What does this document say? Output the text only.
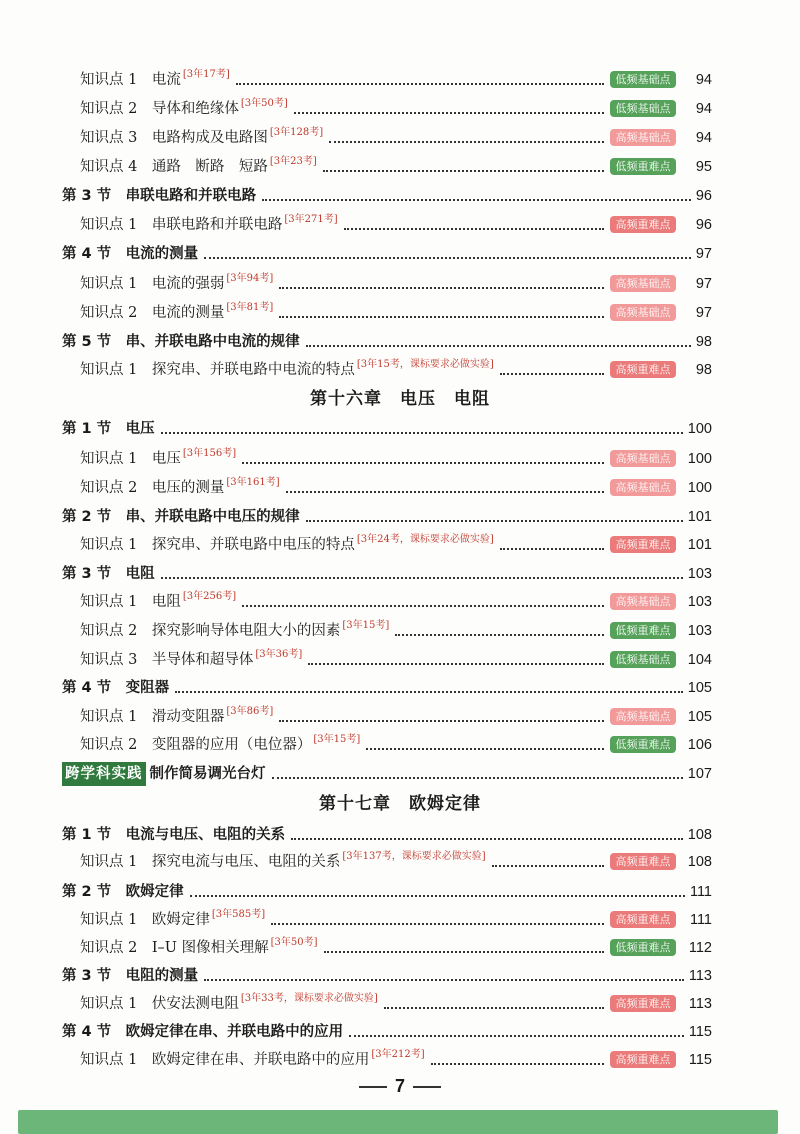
知识点 1　电流 [3年17考]	低频基础点	94
知识点 2　导体和绝缘体 [3年50考]	低频基础点	94
知识点 3　电路构成及电路图 [3年128考]	高频基础点	94
知识点 4　通路　断路　短路 [3年23考]	低频重难点	95
第 3 节　串联电路和并联电路	96
知识点 1　串联电路和并联电路 [3年271考]	高频重难点	96
第 4 节　电流的测量	97
知识点 1　电流的强弱 [3年94考]	高频基础点	97
知识点 2　电流的测量 [3年81考]	高频基础点	97
第 5 节　串、并联电路中电流的规律	98
知识点 1　探究串、并联电路中电流的特点 [3年15考，课标要求必做实验]	高频重难点	98
第十六章　电压　电阻
第 1 节　电压	100
知识点 1　电压 [3年156考]	高频基础点	100
知识点 2　电压的测量 [3年161考]	高频基础点	100
第 2 节　串、并联电路中电压的规律	101
知识点 1　探究串、并联电路中电压的特点 [3年24考，课标要求必做实验]	高频重难点	101
第 3 节　电阻	103
知识点 1　电阻 [3年256考]	高频基础点	103
知识点 2　探究影响导体电阻大小的因素 [3年15考]	低频重难点	103
知识点 3　半导体和超导体 [3年36考]	低频基础点	104
第 4 节　变阻器	105
知识点 1　滑动变阻器 [3年86考]	高频基础点	105
知识点 2　变阻器的应用（电位器） [3年15考]	低频重难点	106
跨学科实践 制作简易调光台灯	107
第十七章　欧姆定律
第 1 节　电流与电压、电阻的关系	108
知识点 1　探究电流与电压、电阻的关系 [3年137考，课标要求必做实验]	高频重难点	108
第 2 节　欧姆定律	111
知识点 1　欧姆定律 [3年585考]	高频重难点	111
知识点 2　I–U 图像相关理解 [3年50考]	低频重难点	112
第 3 节　电阻的测量	113
知识点 1　伏安法测电阻 [3年33考，课标要求必做实验]	高频重难点	113
第 4 节　欧姆定律在串、并联电路中的应用	115
知识点 1　欧姆定律在串、并联电路中的应用 [3年212考]	高频重难点	115
7
